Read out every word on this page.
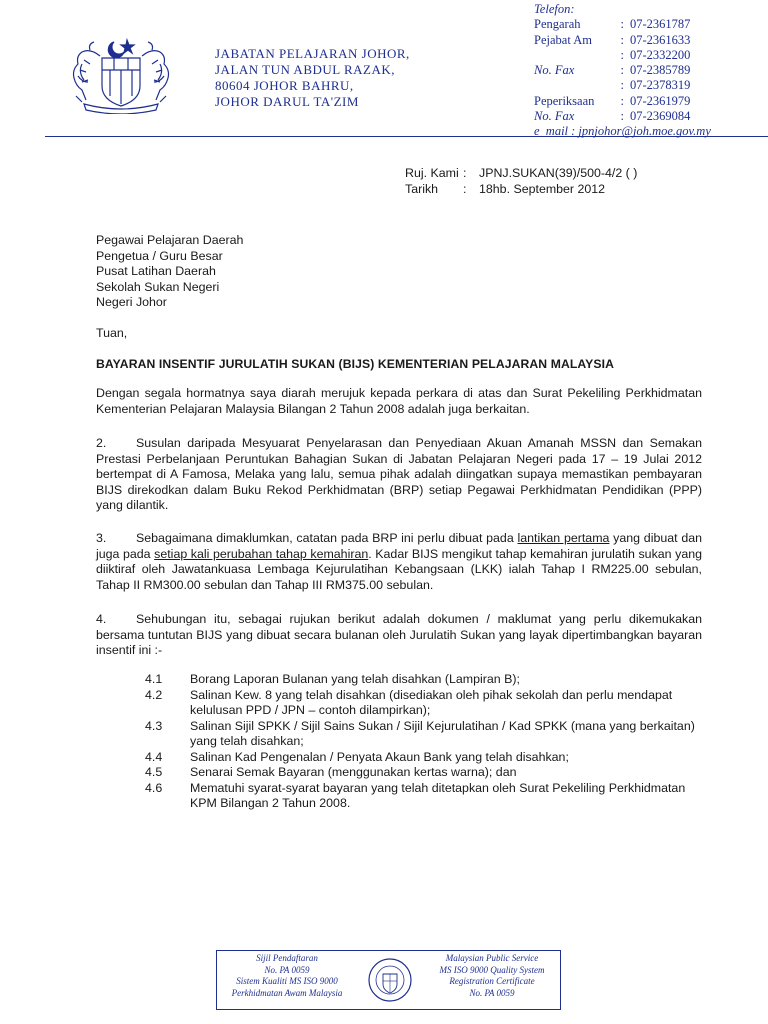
JABATAN PELAJARAN JOHOR,
JALAN TUN ABDUL RAZAK,
80604 JOHOR BAHRU,
JOHOR DARUL TA'ZIM
Telefon:
Pengarah	: 07-2361787
Pejabat Am	: 07-2361633
: 07-2332200
No. Fax	: 07-2385789
: 07-2378319
Peperiksaan	: 07-2361979
No. Fax	: 07-2369084
e_mail : jpnjohor@joh.moe.gov.my
Ruj. Kami :	JPNJ.SUKAN(39)/500-4/2 ( )
Tarikh	:	18hb. September 2012
Pegawai Pelajaran Daerah
Pengetua / Guru Besar
Pusat Latihan Daerah
Sekolah Sukan Negeri
Negeri Johor
Tuan,
BAYARAN INSENTIF JURULATIH SUKAN (BIJS) KEMENTERIAN PELAJARAN MALAYSIA
Dengan segala hormatnya saya diarah merujuk kepada perkara di atas dan Surat Pekeliling Perkhidmatan Kementerian Pelajaran Malaysia Bilangan 2 Tahun 2008 adalah juga berkaitan.
2. Susulan daripada Mesyuarat Penyelarasan dan Penyediaan Akuan Amanah MSSN dan Semakan Prestasi Perbelanjaan Peruntukan Bahagian Sukan di Jabatan Pelajaran Negeri pada 17 – 19 Julai 2012 bertempat di A Famosa, Melaka yang lalu, semua pihak adalah diingatkan supaya memastikan pembayaran BIJS direkodkan dalam Buku Rekod Perkhidmatan (BRP) setiap Pegawai Perkhidmatan Pendidikan (PPP) yang dilantik.
3. Sebagaimana dimaklumkan, catatan pada BRP ini perlu dibuat pada lantikan pertama yang dibuat dan juga pada setiap kali perubahan tahap kemahiran. Kadar BIJS mengikut tahap kemahiran jurulatih sukan yang diiktiraf oleh Jawatankuasa Lembaga Kejurulatihan Kebangsaan (LKK) ialah Tahap I RM225.00 sebulan, Tahap II RM300.00 sebulan dan Tahap III RM375.00 sebulan.
4. Sehubungan itu, sebagai rujukan berikut adalah dokumen / maklumat yang perlu dikemukakan bersama tuntutan BIJS yang dibuat secara bulanan oleh Jurulatih Sukan yang layak dipertimbangkan bayaran insentif ini :-
4.1	Borang Laporan Bulanan yang telah disahkan (Lampiran B);
4.2	Salinan Kew. 8 yang telah disahkan (disediakan oleh pihak sekolah dan perlu mendapat kelulusan PPD / JPN – contoh dilampirkan);
4.3	Salinan Sijil SPKK / Sijil Sains Sukan / Sijil Kejurulatihan / Kad SPKK (mana yang berkaitan) yang telah disahkan;
4.4	Salinan Kad Pengenalan / Penyata Akaun Bank yang telah disahkan;
4.5	Senarai Semak Bayaran (menggunakan kertas warna); dan
4.6	Mematuhi syarat-syarat bayaran yang telah ditetapkan oleh Surat Pekeliling Perkhidmatan KPM Bilangan 2 Tahun 2008.
Sijil Pendaftaran
No. PA 0059
Sistem Kualiti MS ISO 9000
Perkhidmatan Awam Malaysia
Malaysian Public Service
MS ISO 9000 Quality System
Registration Certificate
No. PA 0059
